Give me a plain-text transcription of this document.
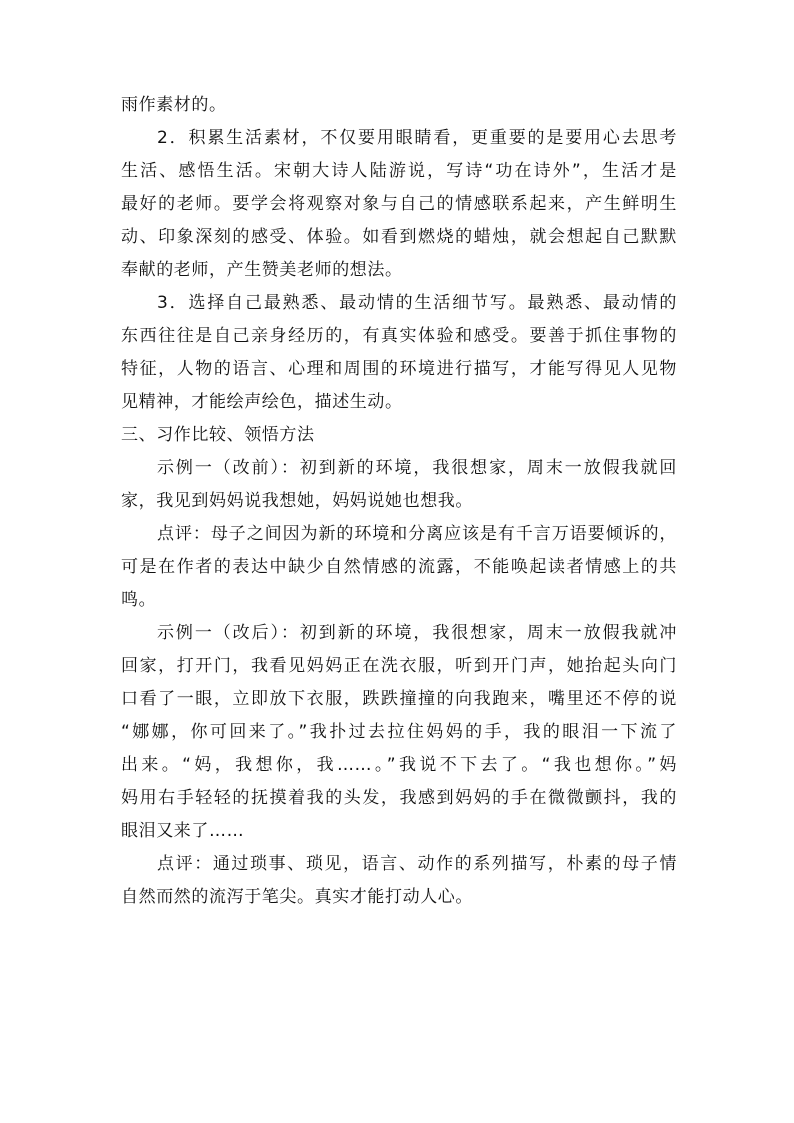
雨作素材的。
2．积累生活素材，不仅要用眼睛看，更重要的是要用心去思考
生活、感悟生活。宋朝大诗人陆游说，写诗“功在诗外”，生活才是
最好的老师。要学会将观察对象与自己的情感联系起来，产生鲜明生
动、印象深刻的感受、体验。如看到燃烧的蜡烛，就会想起自己默默
奉献的老师，产生赞美老师的想法。
3．选择自己最熟悉、最动情的生活细节写。最熟悉、最动情的
东西往往是自己亲身经历的，有真实体验和感受。要善于抓住事物的
特征，人物的语言、心理和周围的环境进行描写，才能写得见人见物
见精神，才能绘声绘色，描述生动。
三、习作比较、领悟方法
示例一（改前）：初到新的环境，我很想家，周末一放假我就回
家，我见到妈妈说我想她，妈妈说她也想我。
点评：母子之间因为新的环境和分离应该是有千言万语要倾诉的，
可是在作者的表达中缺少自然情感的流露，不能唤起读者情感上的共
鸣。
示例一（改后）：初到新的环境，我很想家，周末一放假我就冲
回家，打开门，我看见妈妈正在洗衣服，听到开门声，她抬起头向门
口看了一眼，立即放下衣服，跌跌撞撞的向我跑来，嘴里还不停的说
“娜娜，你可回来了。”我扑过去拉住妈妈的手，我的眼泪一下流了
出来。“妈，我想你，我……。”我说不下去了。“我也想你。”妈
妈用右手轻轻的抚摸着我的头发，我感到妈妈的手在微微颤抖，我的
眼泪又来了……
点评：通过琐事、琐见，语言、动作的系列描写，朴素的母子情
自然而然的流泻于笔尖。真实才能打动人心。
